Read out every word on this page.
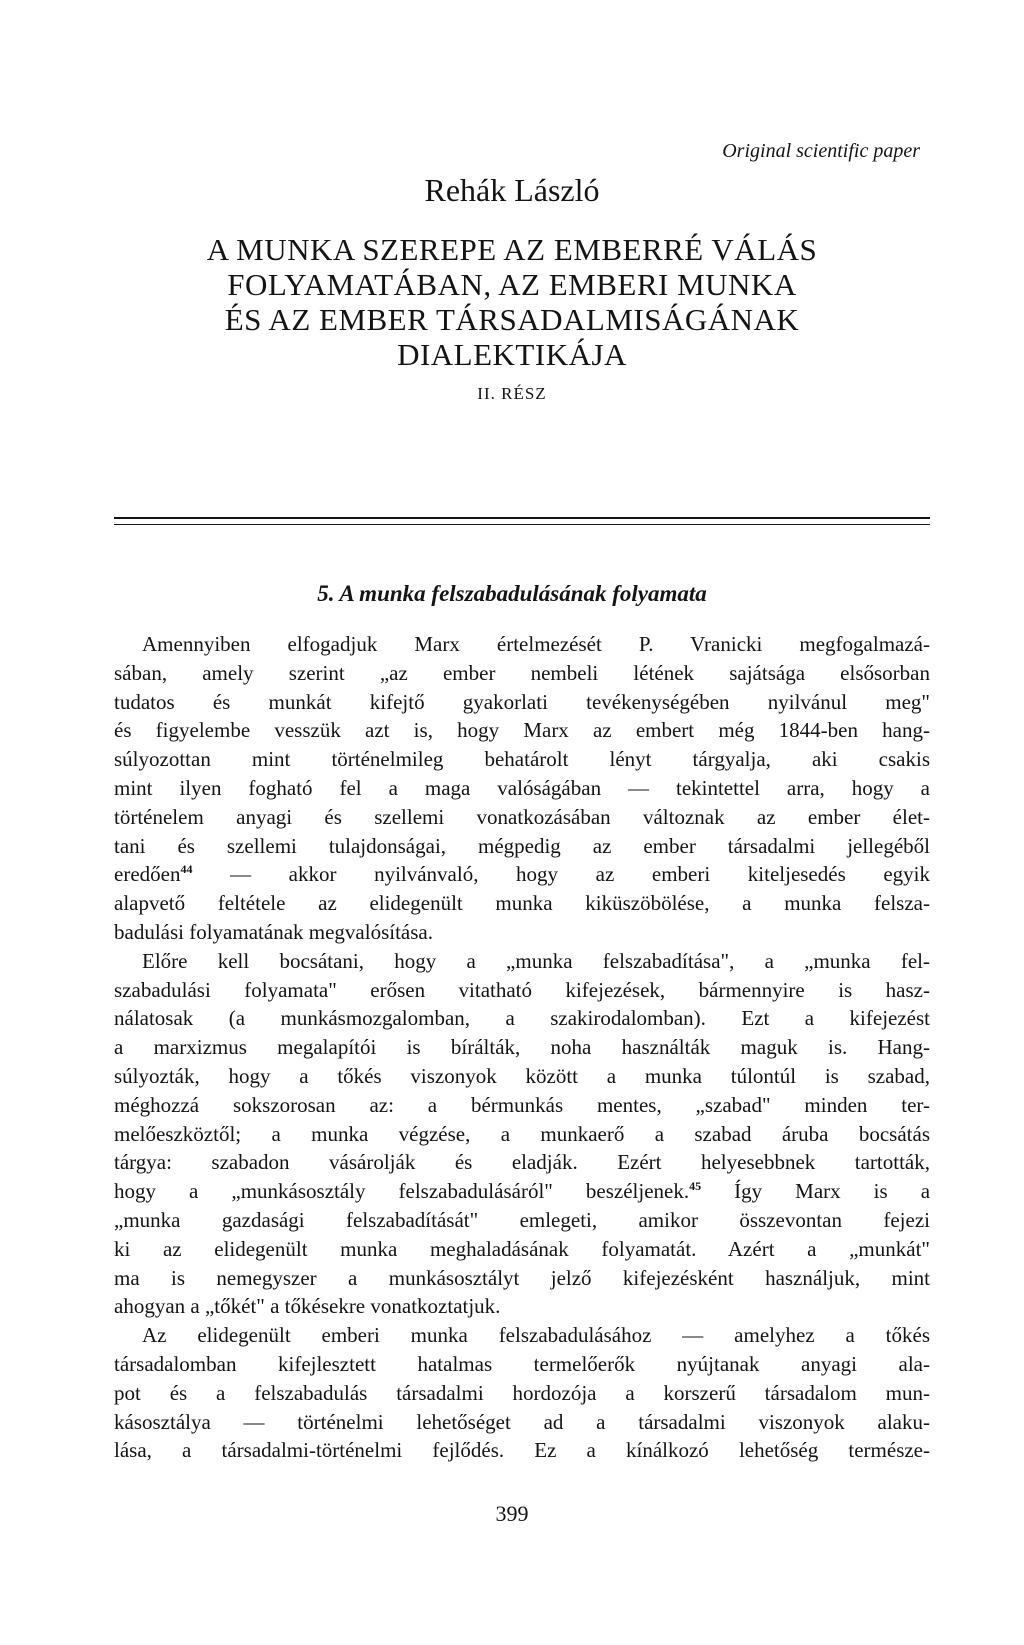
Original scientific paper
Rehák László
A MUNKA SZEREPE AZ EMBERRÉ VÁLÁS
FOLYAMATÁBAN, AZ EMBERI MUNKA
ÉS AZ EMBER TÁRSADALMISÁGÁNAK
DIALEKTIKÁJA
II. RÉSZ
5. A munka felszabadulásának folyamata
Amennyiben elfogadjuk Marx értelmezését P. Vranicki megfogalmazá-
sában, amely szerint „az ember nembeli létének sajátsága elsősorban
tudatos és munkát kifejtő gyakorlati tevékenységében nyilvánul meg"
és figyelembe vesszük azt is, hogy Marx az embert még 1844-ben hang-
súlyozottan mint történelmileg behatárolt lényt tárgyalja, aki csakis
mint ilyen fogható fel a maga valóságában — tekintettel arra, hogy a
történelem anyagi és szellemi vonatkozásában változnak az ember élet-
tani és szellemi tulajdonságai, mégpedig az ember társadalmi jellegéből
eredően$^{44}$ — akkor nyilvánvaló, hogy az emberi kiteljesedés egyik
alapvető feltétele az elidegenült munka kiküszöbölése, a munka felsza-
badulási folyamatának megvalósítása.
Előre kell bocsátani, hogy a „munka felszabadítása", a „munka fel-
szabadulási folyamata" erősen vitatható kifejezések, bármennyire is hasz-
nálatosak (a munkásmozgalomban, a szakirodalomban). Ezt a kifejezést
a marxizmus megalapítói is bírálták, noha használták maguk is. Hang-
súlyozták, hogy a tőkés viszonyok között a munka túlontúl is szabad,
méghozzá sokszorosan az: a bérmunkás mentes, „szabad" minden ter-
melőeszköztől; a munka végzése, a munkaerő a szabad áruba bocsátás
tárgya: szabadon vásárolják és eladják. Ezért helyesebbnek tartották,
hogy a „munkásosztály felszabadulásáról" beszéljenek.$^{45}$ Így Marx is a
„munka gazdasági felszabadítását" emlegeti, amikor összevontan fejezi
ki az elidegenült munka meghaladásának folyamatát. Azért a „munkát"
ma is nemegyszer a munkásosztályt jelző kifejezésként használjuk, mint
ahogyan a „tőkét" a tőkésekre vonatkoztatjuk.
Az elidegenült emberi munka felszabadulásához — amelyhez a tőkés
társadalomban kifejlesztett hatalmas termelőerők nyújtanak anyagi ala-
pot és a felszabadulás társadalmi hordozója a korszerű társadalom mun-
kásosztálya — történelmi lehetőséget ad a társadalmi viszonyok alaku-
lása, a társadalmi-történelmi fejlődés. Ez a kínálkozó lehetőség természe-
399
